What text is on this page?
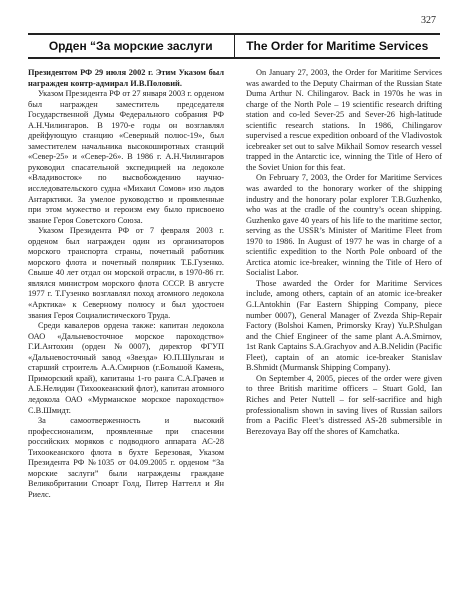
327
Орден “За морские заслуги	The Order for Maritime Services

Президентом РФ 29 июля 2002 г. Этим Указом был награжден контр-адмирал И.В.Половий.

Указом Президента РФ от 27 января 2003 г. орденом был награжден заместитель председателя Государственной Думы Федерального собрания РФ А.Н.Чилингаров. В 1970-е годы он возглавлял дрейфующую станцию «Северный полюс-19», был заместителем начальника высокоширотных станций «Север-25» и «Север-26». В 1986 г. А.Н.Чилингаров руководил спасательной экспедицией на ледоколе «Владивосток» по высвобождению научно-исследовательского судна «Михаил Сомов» изо льдов Антарктики. За умелое руководство и проявленные при этом мужество и героизм ему было присвоено звание Героя Советского Союза.

Указом Президента РФ от 7 февраля 2003 г. орденом был награжден один из организаторов морского транспорта страны, почетный работник морского флота и почетный полярник Т.Б.Гузенко. Свыше 40 лет отдал он морской отрасли, в 1970-86 гг. являлся министром морского флота СССР. В августе 1977 г. Т.Гузенко возглавлял поход атомного ледокола «Арктика» к Северному полюсу и был удостоен звания Героя Социалистического Труда.

Среди кавалеров ордена также: капитан ледокола ОАО «Дальневосточное морское пароходство» Г.И.Антохин (орден №0007), директор ФГУП «Дальневосточный завод «Звезда» Ю.П.Шульган и старший строитель А.А.Смирнов (г.Большой Камень, Приморский край), капитаны 1-го ранга С.А.Грачев и А.Б.Нелидин (Тихоокеанский флот), капитан атомного ледокола ОАО «Мурманское морское пароходство» С.В.Шмидт.

За самоотверженность и высокий профессионализм, проявленные при спасении российских моряков с подводного аппарата АС-28 Тихоокеанского флота в бухте Березовая, Указом Президента РФ №1035 от 04.09.2005 г. орденом “За морские заслуги” были награждены граждане Великобритании Стюарт Голд, Питер Наттелл и Ян Риелс.

On January 27, 2003, the Order for Maritime Services was awarded to the Deputy Chairman of the Russian State Duma Arthur N. Chilingarov. Back in 1970s he was in charge of the North Pole – 19 scientific research drifting station and co-led Sever-25 and Sever-26 high-latitude scientific research stations. In 1986, Chilingarov supervised a rescue expedition onboard of the Vladivostok icebreaker set out to salve Mikhail Somov research vessel trapped in the Antarctic ice, winning the Title of Hero of the Soviet Union for this feat.

On February 7, 2003, the Order for Maritime Services was awarded to the honorary worker of the shipping industry and the honorary polar explorer T.B.Guzhenko, who was at the cradle of the country’s ocean shipping. Guzhenko gave 40 years of his life to the maritime sector, serving as the USSR’s Minister of Maritime Fleet from 1970 to 1986. In August of 1977 he was in charge of a scientific expedition to the North Pole onboard of the Arctica atomic ice-breaker, winning the Title of Hero of Socialist Labor.

Those awarded the Order for Maritime Services include, among others, captain of an atomic ice-breaker G.I.Antokhin (Far Eastern Shipping Company, piece number 0007), General Manager of Zvezda Ship-Repair Factory (Bolshoi Kamen, Primorsky Kray) Yu.P.Shulgan and the Chief Engineer of the same plant A.A.Smirnov, 1st Rank Captains S.A.Grachyov and A.B.Nelidin (Pacific Fleet), captain of an atomic ice-breaker Stanislav B.Shmidt (Murmansk Shipping Company).

On September 4, 2005, pieces of the order were given to three British maritime officers – Stuart Gold, Ian Riches and Peter Nuttell – for self-sacrifice and high professionalism shown in saving lives of Russian sailors from a Pacific Fleet’s distressed AS-28 submersible in Berezovaya Bay off the shores of Kamchatka.
